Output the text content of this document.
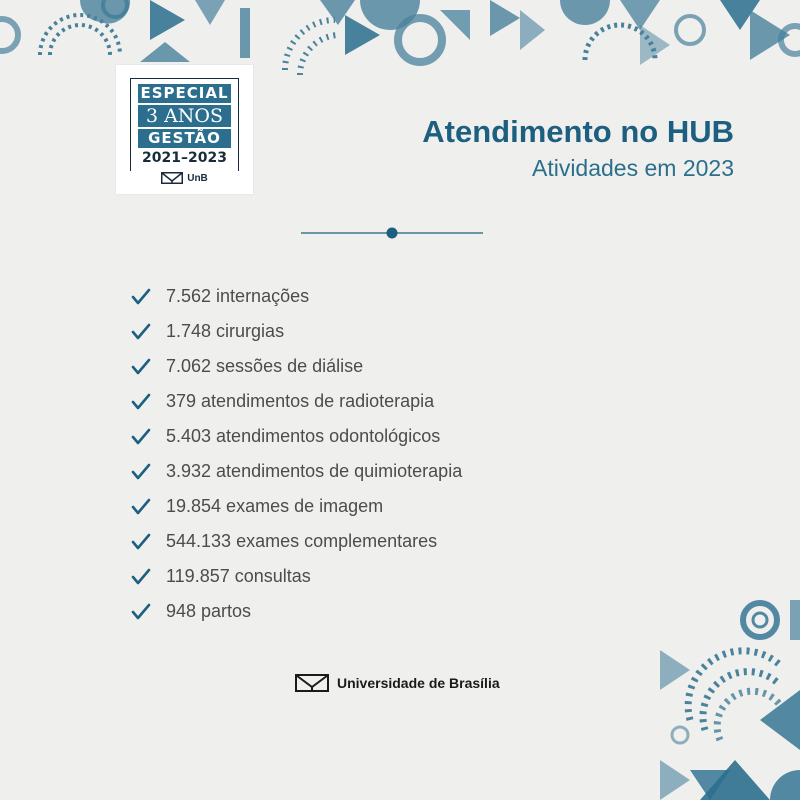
ESPECIAL
3 ANOS
GESTÃO
2021–2023
UnB
Atendimento no HUB
Atividades em 2023
7.562 internações
1.748 cirurgias
7.062 sessões de diálise
379 atendimentos de radioterapia
5.403 atendimentos odontológicos
3.932 atendimentos de quimioterapia
19.854 exames de imagem
544.133 exames complementares
119.857 consultas
948 partos
Universidade de Brasília
